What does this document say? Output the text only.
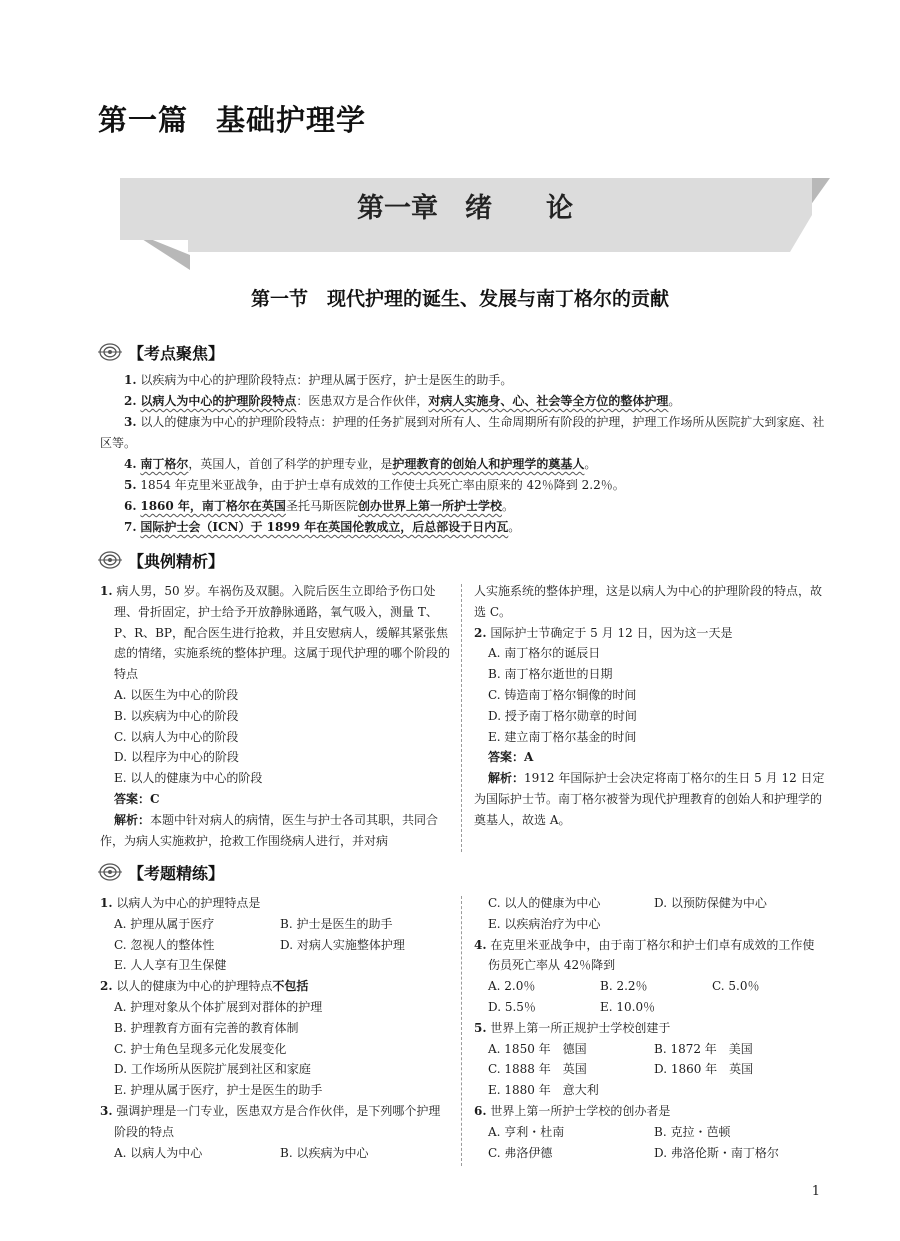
第一篇 基础护理学
第一章　 绪　　论
第一节　现代护理的诞生、发展与南丁格尔的贡献
【考点聚焦】

1. 以疾病为中心的护理阶段特点：护理从属于医疗，护士是医生的助手。

2. 以病人为中心的护理阶段特点：医患双方是合作伙伴，对病人实施身、心、社会等全方位的整体护理。

3. 以人的健康为中心的护理阶段特点：护理的任务扩展到对所有人、生命周期所有阶段的护理，护理工作场所从医院扩大到家庭、社区等。

4. 南丁格尔，英国人，首创了科学的护理专业，是护理教育的创始人和护理学的奠基人。

5. 1854 年克里米亚战争，由于护士卓有成效的工作使士兵死亡率由原来的 42％降到 2.2％。

6. 1860 年，南丁格尔在英国圣托马斯医院创办世界上第一所护士学校。

7. 国际护士会（ICN）于 1899 年在英国伦敦成立，后总部设于日内瓦。

【典例精析】

1. 病人男，50 岁。车祸伤及双腿。入院后医生立即给予伤口处理、骨折固定，护士给予开放静脉通路，氧气吸入，测量 T、P、R、BP，配合医生进行抢救，并且安慰病人，缓解其紧张焦虑的情绪，实施系统的整体护理。这属于现代护理的哪个阶段的特点

A. 以医生为中心的阶段

B. 以疾病为中心的阶段

C. 以病人为中心的阶段

D. 以程序为中心的阶段

E. 以人的健康为中心的阶段

答案：C

解析：本题中针对病人的病情，医生与护士各司其职，共同合作，为病人实施救护，抢救工作围绕病人进行，并对病

人实施系统的整体护理，这是以病人为中心的护理阶段的特点，故选 C。

2. 国际护士节确定于 5 月 12 日，因为这一天是

A. 南丁格尔的诞辰日

B. 南丁格尔逝世的日期

C. 铸造南丁格尔铜像的时间

D. 授予南丁格尔勋章的时间

E. 建立南丁格尔基金的时间

答案：A

解析：1912 年国际护士会决定将南丁格尔的生日 5 月 12 日定为国际护士节。南丁格尔被誉为现代护理教育的创始人和护理学的奠基人，故选 A。

【考题精练】

1. 以病人为中心的护理特点是

A. 护理从属于医疗	B. 护士是医生的助手
C. 忽视人的整体性	D. 对病人实施整体护理

E. 人人享有卫生保健

2. 以人的健康为中心的护理特点不包括

A. 护理对象从个体扩展到对群体的护理

B. 护理教育方面有完善的教育体制

C. 护士角色呈现多元化发展变化

D. 工作场所从医院扩展到社区和家庭

E. 护理从属于医疗，护士是医生的助手

3. 强调护理是一门专业，医患双方是合作伙伴，是下列哪个护理阶段的特点

A. 以病人为中心	B. 以疾病为中心
C. 以人的健康为中心	D. 以预防保健为中心

E. 以疾病治疗为中心

4. 在克里米亚战争中，由于南丁格尔和护士们卓有成效的工作使伤员死亡率从 42％降到

A. 2.0％	B. 2.2％	C. 5.0％
D. 5.5％	E. 10.0％

5. 世界上第一所正规护士学校创建于

A. 1850 年　德国	B. 1872 年　美国
C. 1888 年　英国	D. 1860 年　英国

E. 1880 年　意大利

6. 世界上第一所护士学校的创办者是

A. 亨利・杜南	B. 克拉・芭顿
C. 弗洛伊德	D. 弗洛伦斯・南丁格尔
1
